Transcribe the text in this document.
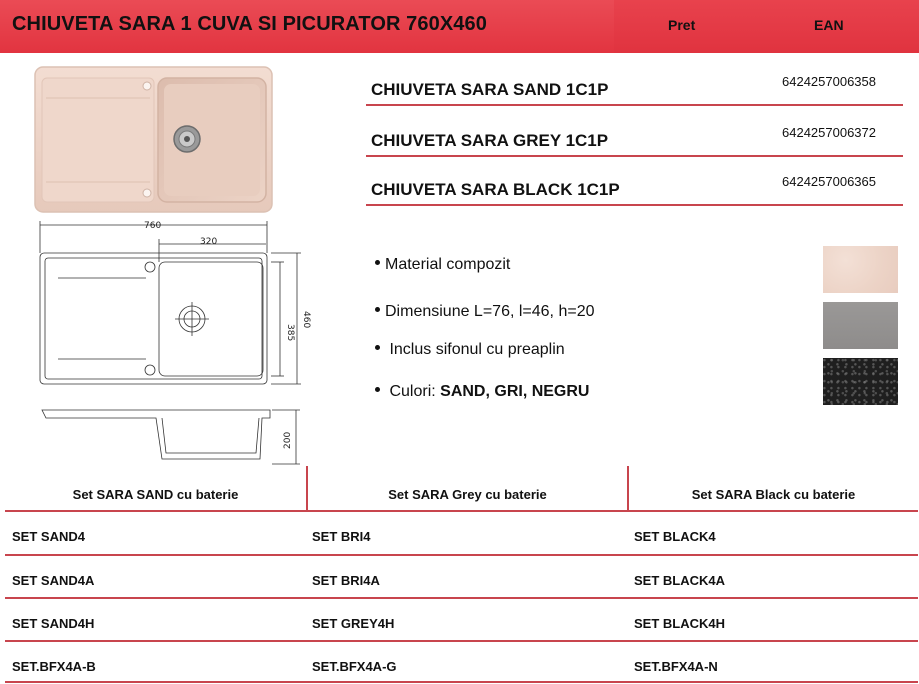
CHIUVETA SARA 1 CUVA SI PICURATOR 760X460	Pret	EAN
760
320
385
460
200
CHIUVETA SARA SAND 1C1P	6424257006358
CHIUVETA SARA GREY 1C1P	6424257006372
CHIUVETA SARA BLACK 1C1P	6424257006365
Material compozit
Dimensiune L=76, l=46, h=20
Inclus sifonul cu preaplin
Culori: SAND, GRI, NEGRU
Set SARA SAND cu baterie	Set SARA Grey cu baterie	Set SARA Black cu baterie
SET SAND4	SET BRI4	SET BLACK4
SET SAND4A	SET BRI4A	SET BLACK4A
SET SAND4H	SET GREY4H	SET BLACK4H
SET.BFX4A-B	SET.BFX4A-G	SET.BFX4A-N
